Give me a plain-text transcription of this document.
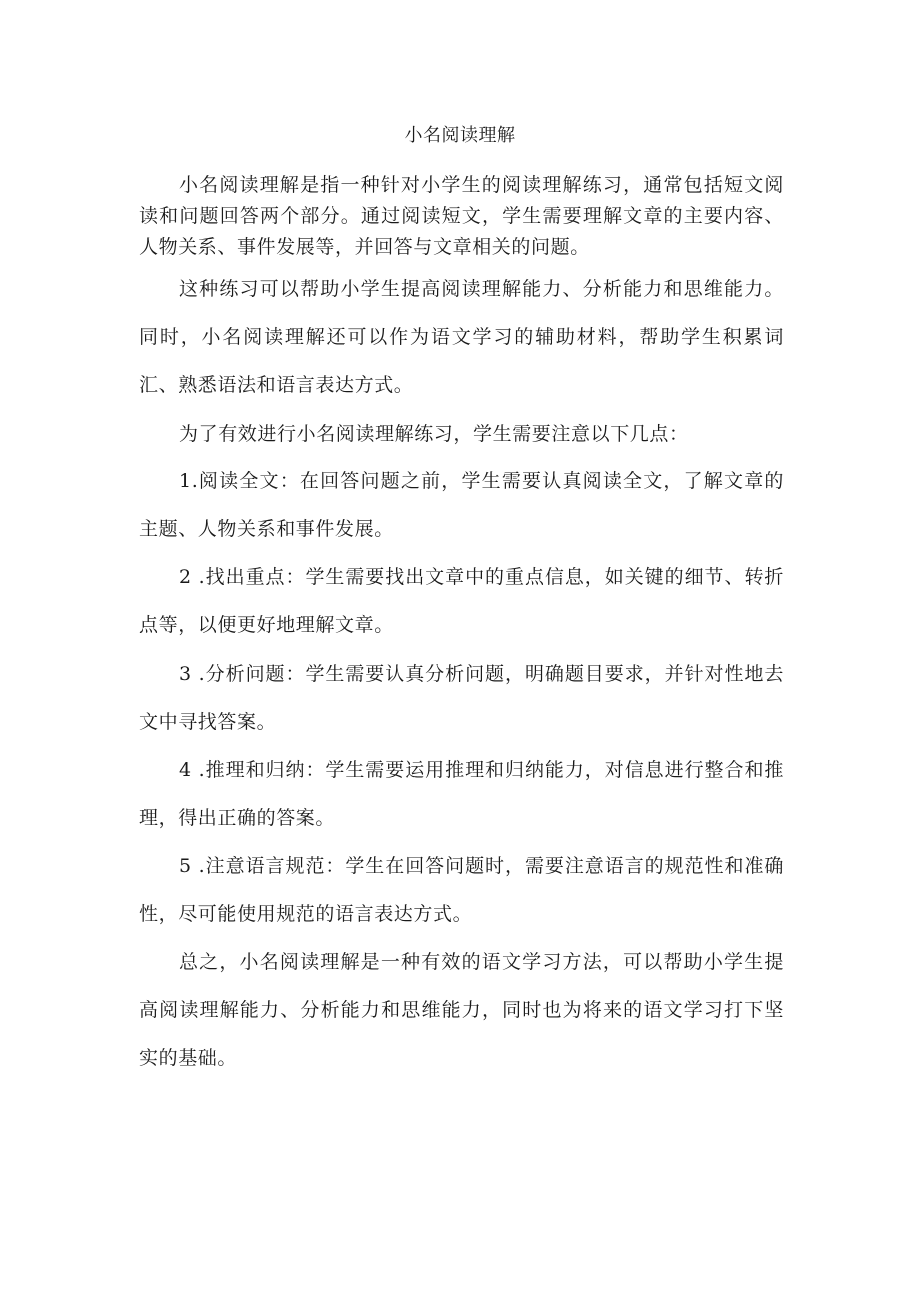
小名阅读理解

小名阅读理解是指一种针对小学生的阅读理解练习，通常包括短文阅读和问题回答两个部分。通过阅读短文，学生需要理解文章的主要内容、人物关系、事件发展等，并回答与文章相关的问题。

这种练习可以帮助小学生提高阅读理解能力、分析能力和思维能力。同时，小名阅读理解还可以作为语文学习的辅助材料，帮助学生积累词汇、熟悉语法和语言表达方式。

为了有效进行小名阅读理解练习，学生需要注意以下几点：

1.阅读全文：在回答问题之前，学生需要认真阅读全文，了解文章的主题、人物关系和事件发展。

2 .找出重点：学生需要找出文章中的重点信息，如关键的细节、转折点等，以便更好地理解文章。

3 .分析问题：学生需要认真分析问题，明确题目要求，并针对性地去文中寻找答案。

4 .推理和归纳：学生需要运用推理和归纳能力，对信息进行整合和推理，得出正确的答案。

5 .注意语言规范：学生在回答问题时，需要注意语言的规范性和准确性，尽可能使用规范的语言表达方式。

总之，小名阅读理解是一种有效的语文学习方法，可以帮助小学生提高阅读理解能力、分析能力和思维能力，同时也为将来的语文学习打下坚实的基础。
